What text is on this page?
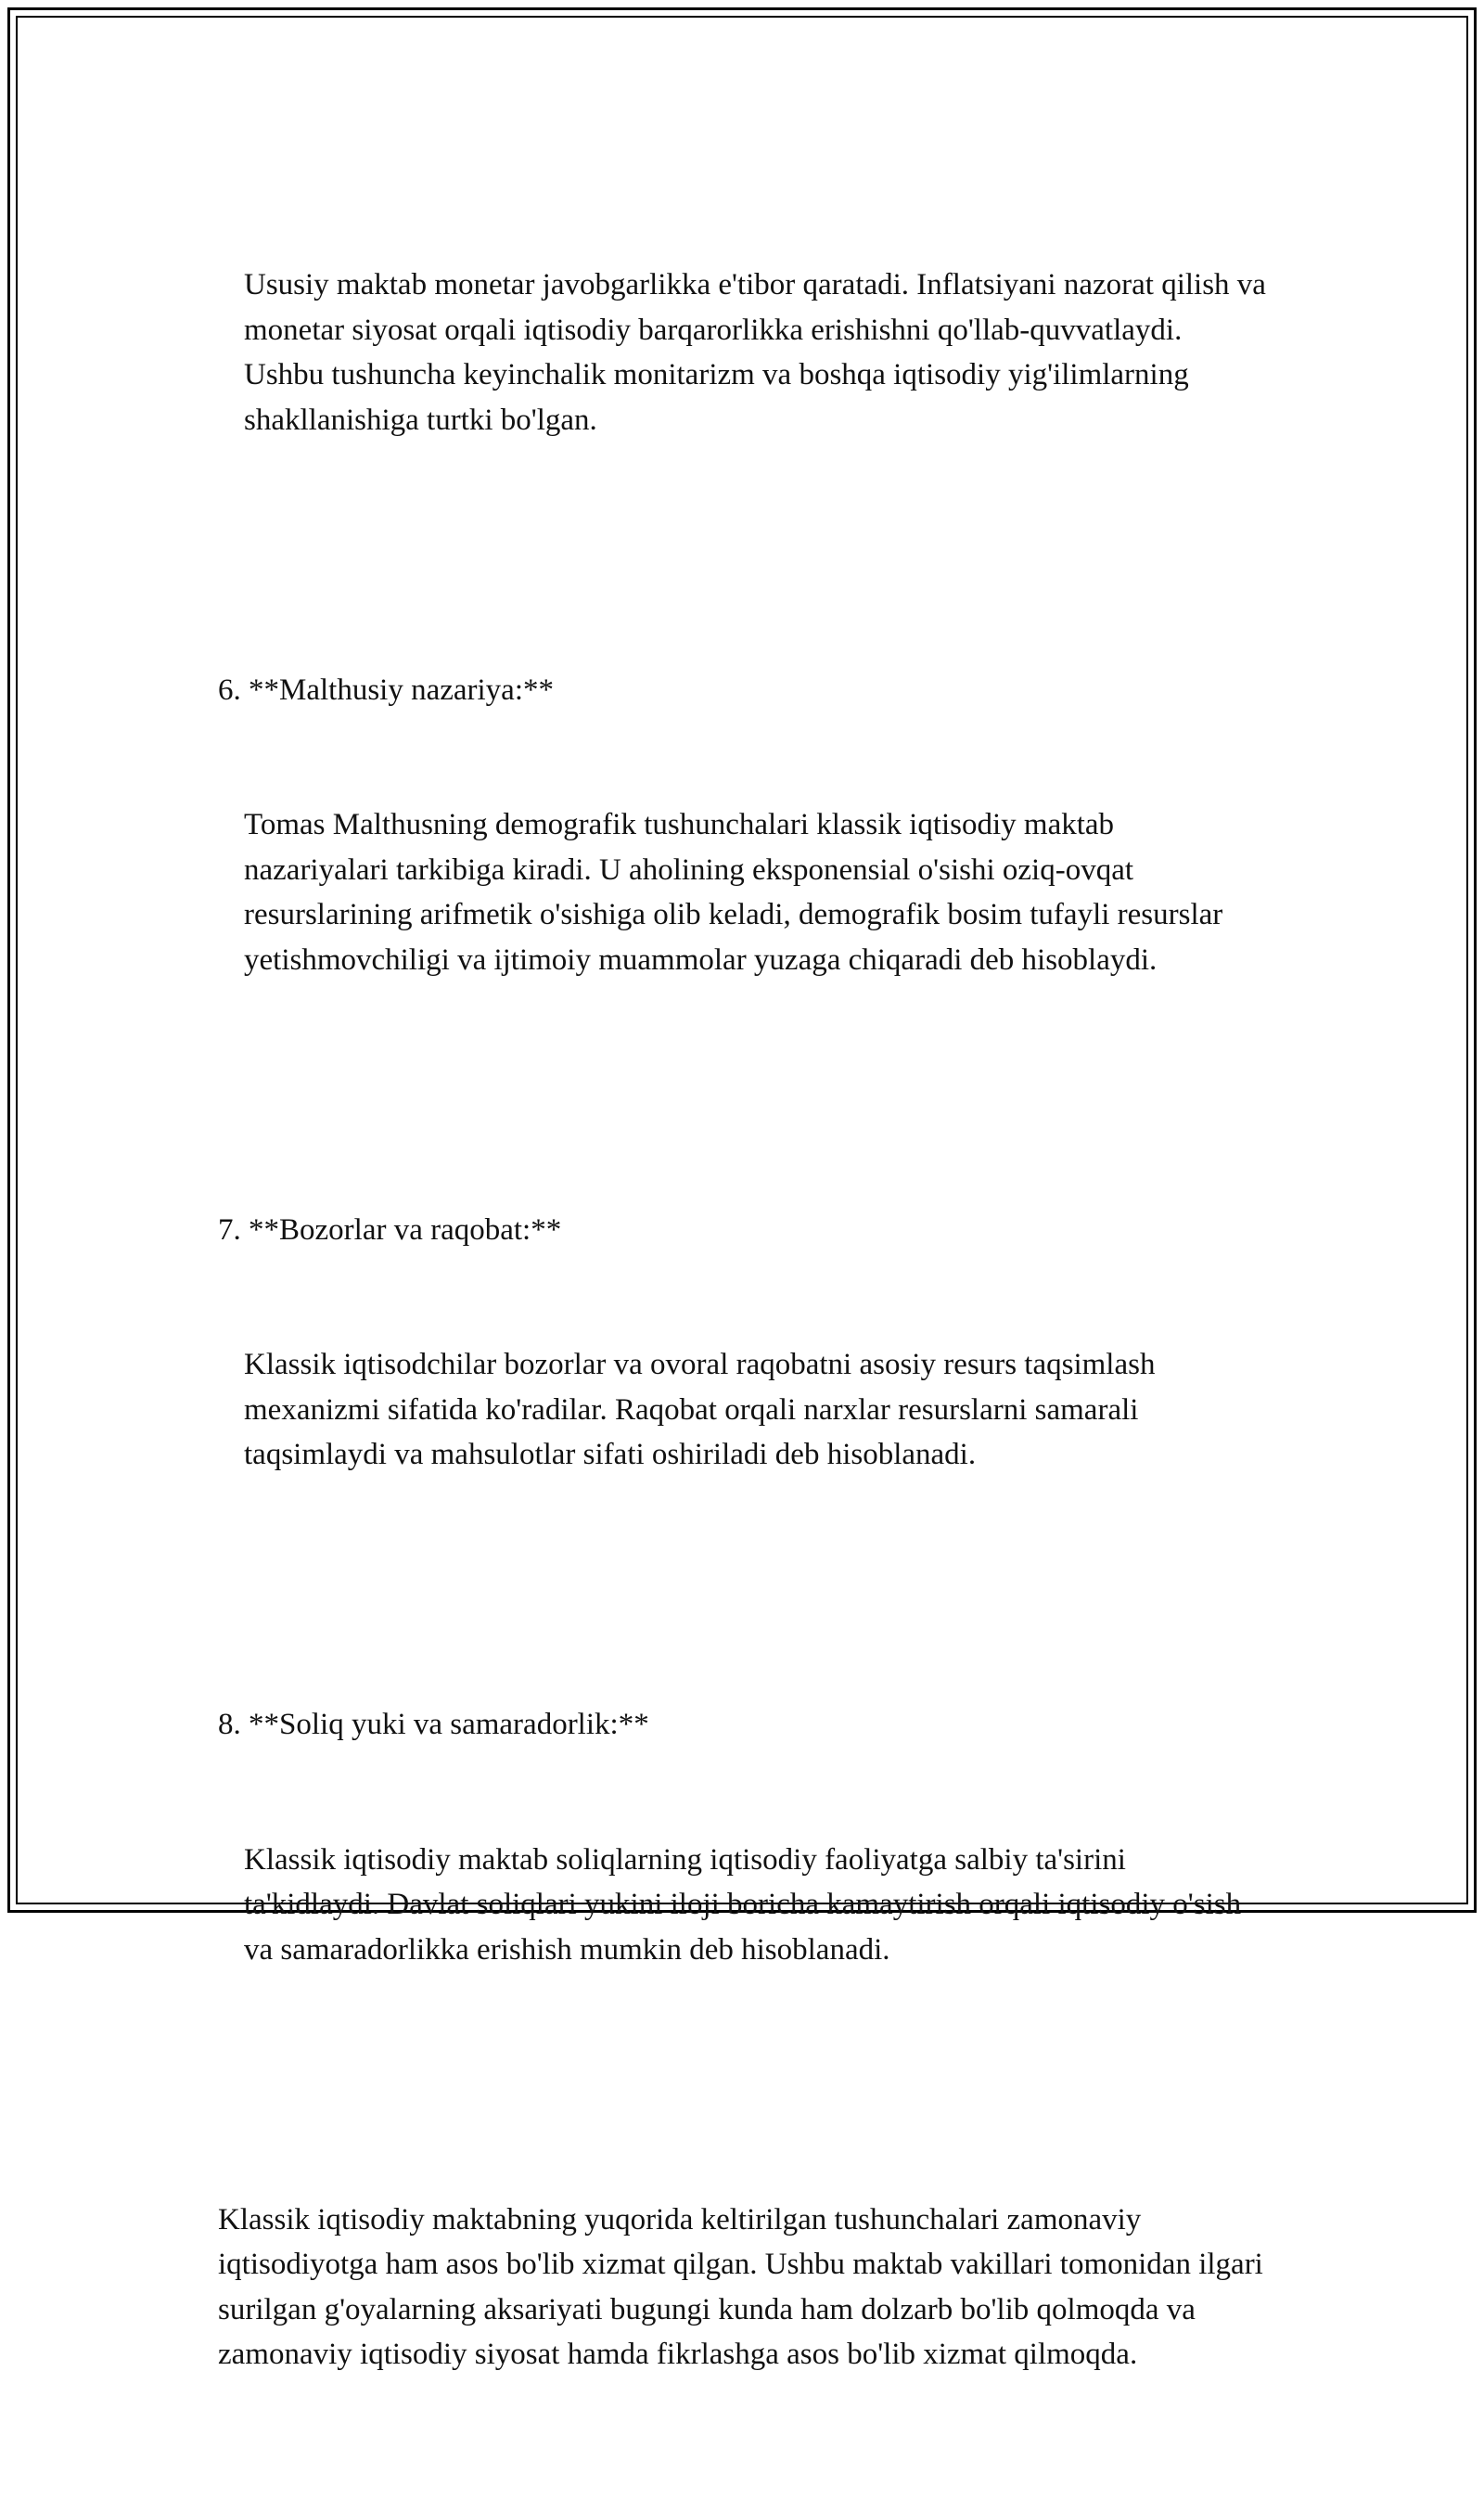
Ususiy maktab monetar javobgarlikka e'tibor qaratadi. Inflatsiyani nazorat qilish va monetar siyosat orqali iqtisodiy barqarorlikka erishishni qo'llab-quvvatlaydi. Ushbu tushuncha keyinchalik monitarizm va boshqa iqtisodiy yig'ilimlarning shakllanishiga turtki bo'lgan.

6. **Malthusiy nazariya:**

Tomas Malthusning demografik tushunchalari klassik iqtisodiy maktab nazariyalari tarkibiga kiradi. U aholining eksponensial o'sishi oziq-ovqat resurslarining arifmetik o'sishiga olib keladi, demografik bosim tufayli resurslar yetishmovchiligi va ijtimoiy muammolar yuzaga chiqaradi deb hisoblaydi.

7. **Bozorlar va raqobat:**

Klassik iqtisodchilar bozorlar va ovoral raqobatni asosiy resurs taqsimlash mexanizmi sifatida ko'radilar. Raqobat orqali narxlar resurslarni samarali taqsimlaydi va mahsulotlar sifati oshiriladi deb hisoblanadi.

8. **Soliq yuki va samaradorlik:**

Klassik iqtisodiy maktab soliqlarning iqtisodiy faoliyatga salbiy ta'sirini ta'kidlaydi. Davlat soliqlari yukini iloji boricha kamaytirish orqali iqtisodiy o'sish va samaradorlikka erishish mumkin deb hisoblanadi.

Klassik iqtisodiy maktabning yuqorida keltirilgan tushunchalari zamonaviy iqtisodiyotga ham asos bo'lib xizmat qilgan. Ushbu maktab vakillari tomonidan ilgari surilgan g'oyalarning aksariyati bugungi kunda ham dolzarb bo'lib qolmoqda va zamonaviy iqtisodiy siyosat hamda fikrlashga asos bo'lib xizmat qilmoqda.
